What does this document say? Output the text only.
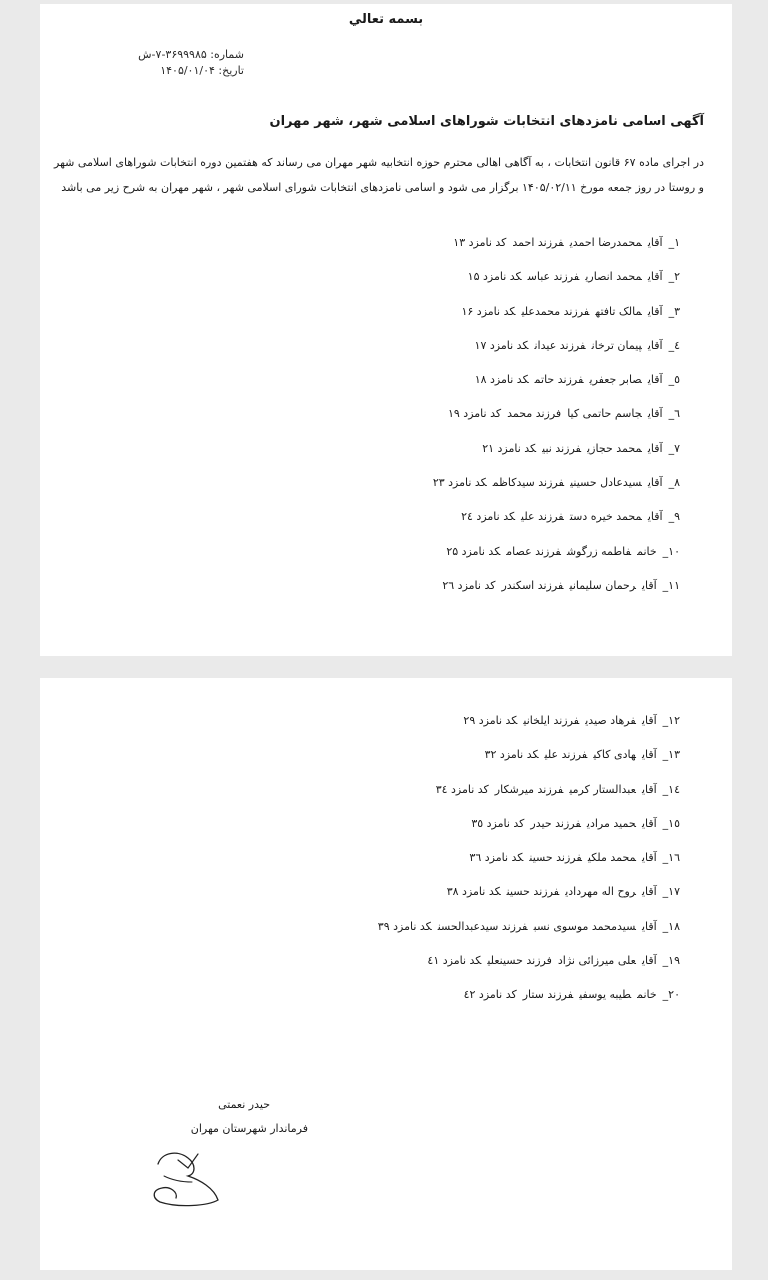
بسمه تعالي
شماره: ۳۶۹۹۹۸۵-۷-ش
تاریخ: ۱۴۰۵/۰۱/۰۴
آگهی اسامی نامزدهای انتخابات شوراهای اسلامی شهر، شهر مهران
در اجرای ماده ۶۷ قانون انتخابات ، به آگاهی اهالی محترم حوزه انتخابیه شهر مهران می رساند که هفتمین دوره انتخابات شوراهای اسلامی شهر و روستا در روز جمعه مورخ ۱۴۰۵/۰۲/۱۱ برگزار می شود و اسامی نامزدهای انتخابات شورای اسلامی شهر ، شهر مهران به شرح زیر می باشد
۱_آقایمحمدرضا احمدیفرزند احمدکد نامزد ۱۳
۲_آقایمحمد انصاریفرزند عباسکد نامزد ۱۵
۳_آقایمالک تافتهفرزند محمدعلیکد نامزد ۱۶
٤_آقایپیمان ترخانفرزند عیدانکد نامزد ۱۷
٥_آقایصابر جعفریفرزند حاتمکد نامزد ۱۸
٦_آقایجاسم حاتمی کیافرزند محمدکد نامزد ۱۹
۷_آقایمحمد حجازیفرزند نبیکد نامزد ۲۱
۸_آقایسیدعادل حسینیفرزند سیدکاظمکد نامزد ۲۳
۹_آقایمحمد خیره دستفرزند علیکد نامزد ٢٤
۱۰_خانمفاطمه زرگوشفرزند عصامکد نامزد ۲۵
۱۱_آقایرحمان سلیمانیفرزند اسکندرکد نامزد ٢٦
۱۲_آقایفرهاد صیدیفرزند ایلخانیکد نامزد ۲۹
۱۳_آقایهادی کاکیفرزند علیکد نامزد ۳۲
۱٤_آقایعبدالستار کرمیفرزند میرشکارکد نامزد ۳٤
۱٥_آقایحمید مرادیفرزند حیدرکد نامزد ۳٥
۱٦_آقایمحمد ملکیفرزند حسینکد نامزد ۳٦
۱۷_آقایروح اله مهردادیفرزند حسینکد نامزد ۳۸
۱۸_آقایسیدمحمد موسوی نسبفرزند سیدعبدالحسنکد نامزد ۳۹
۱۹_آقایعلی میرزائی نژادفرزند حسینعلیکد نامزد ٤۱
۲۰_خانمطیبه یوسفیفرزند ستارکد نامزد ٤۲
حیدر نعمتی
فرماندار شهرستان مهران
